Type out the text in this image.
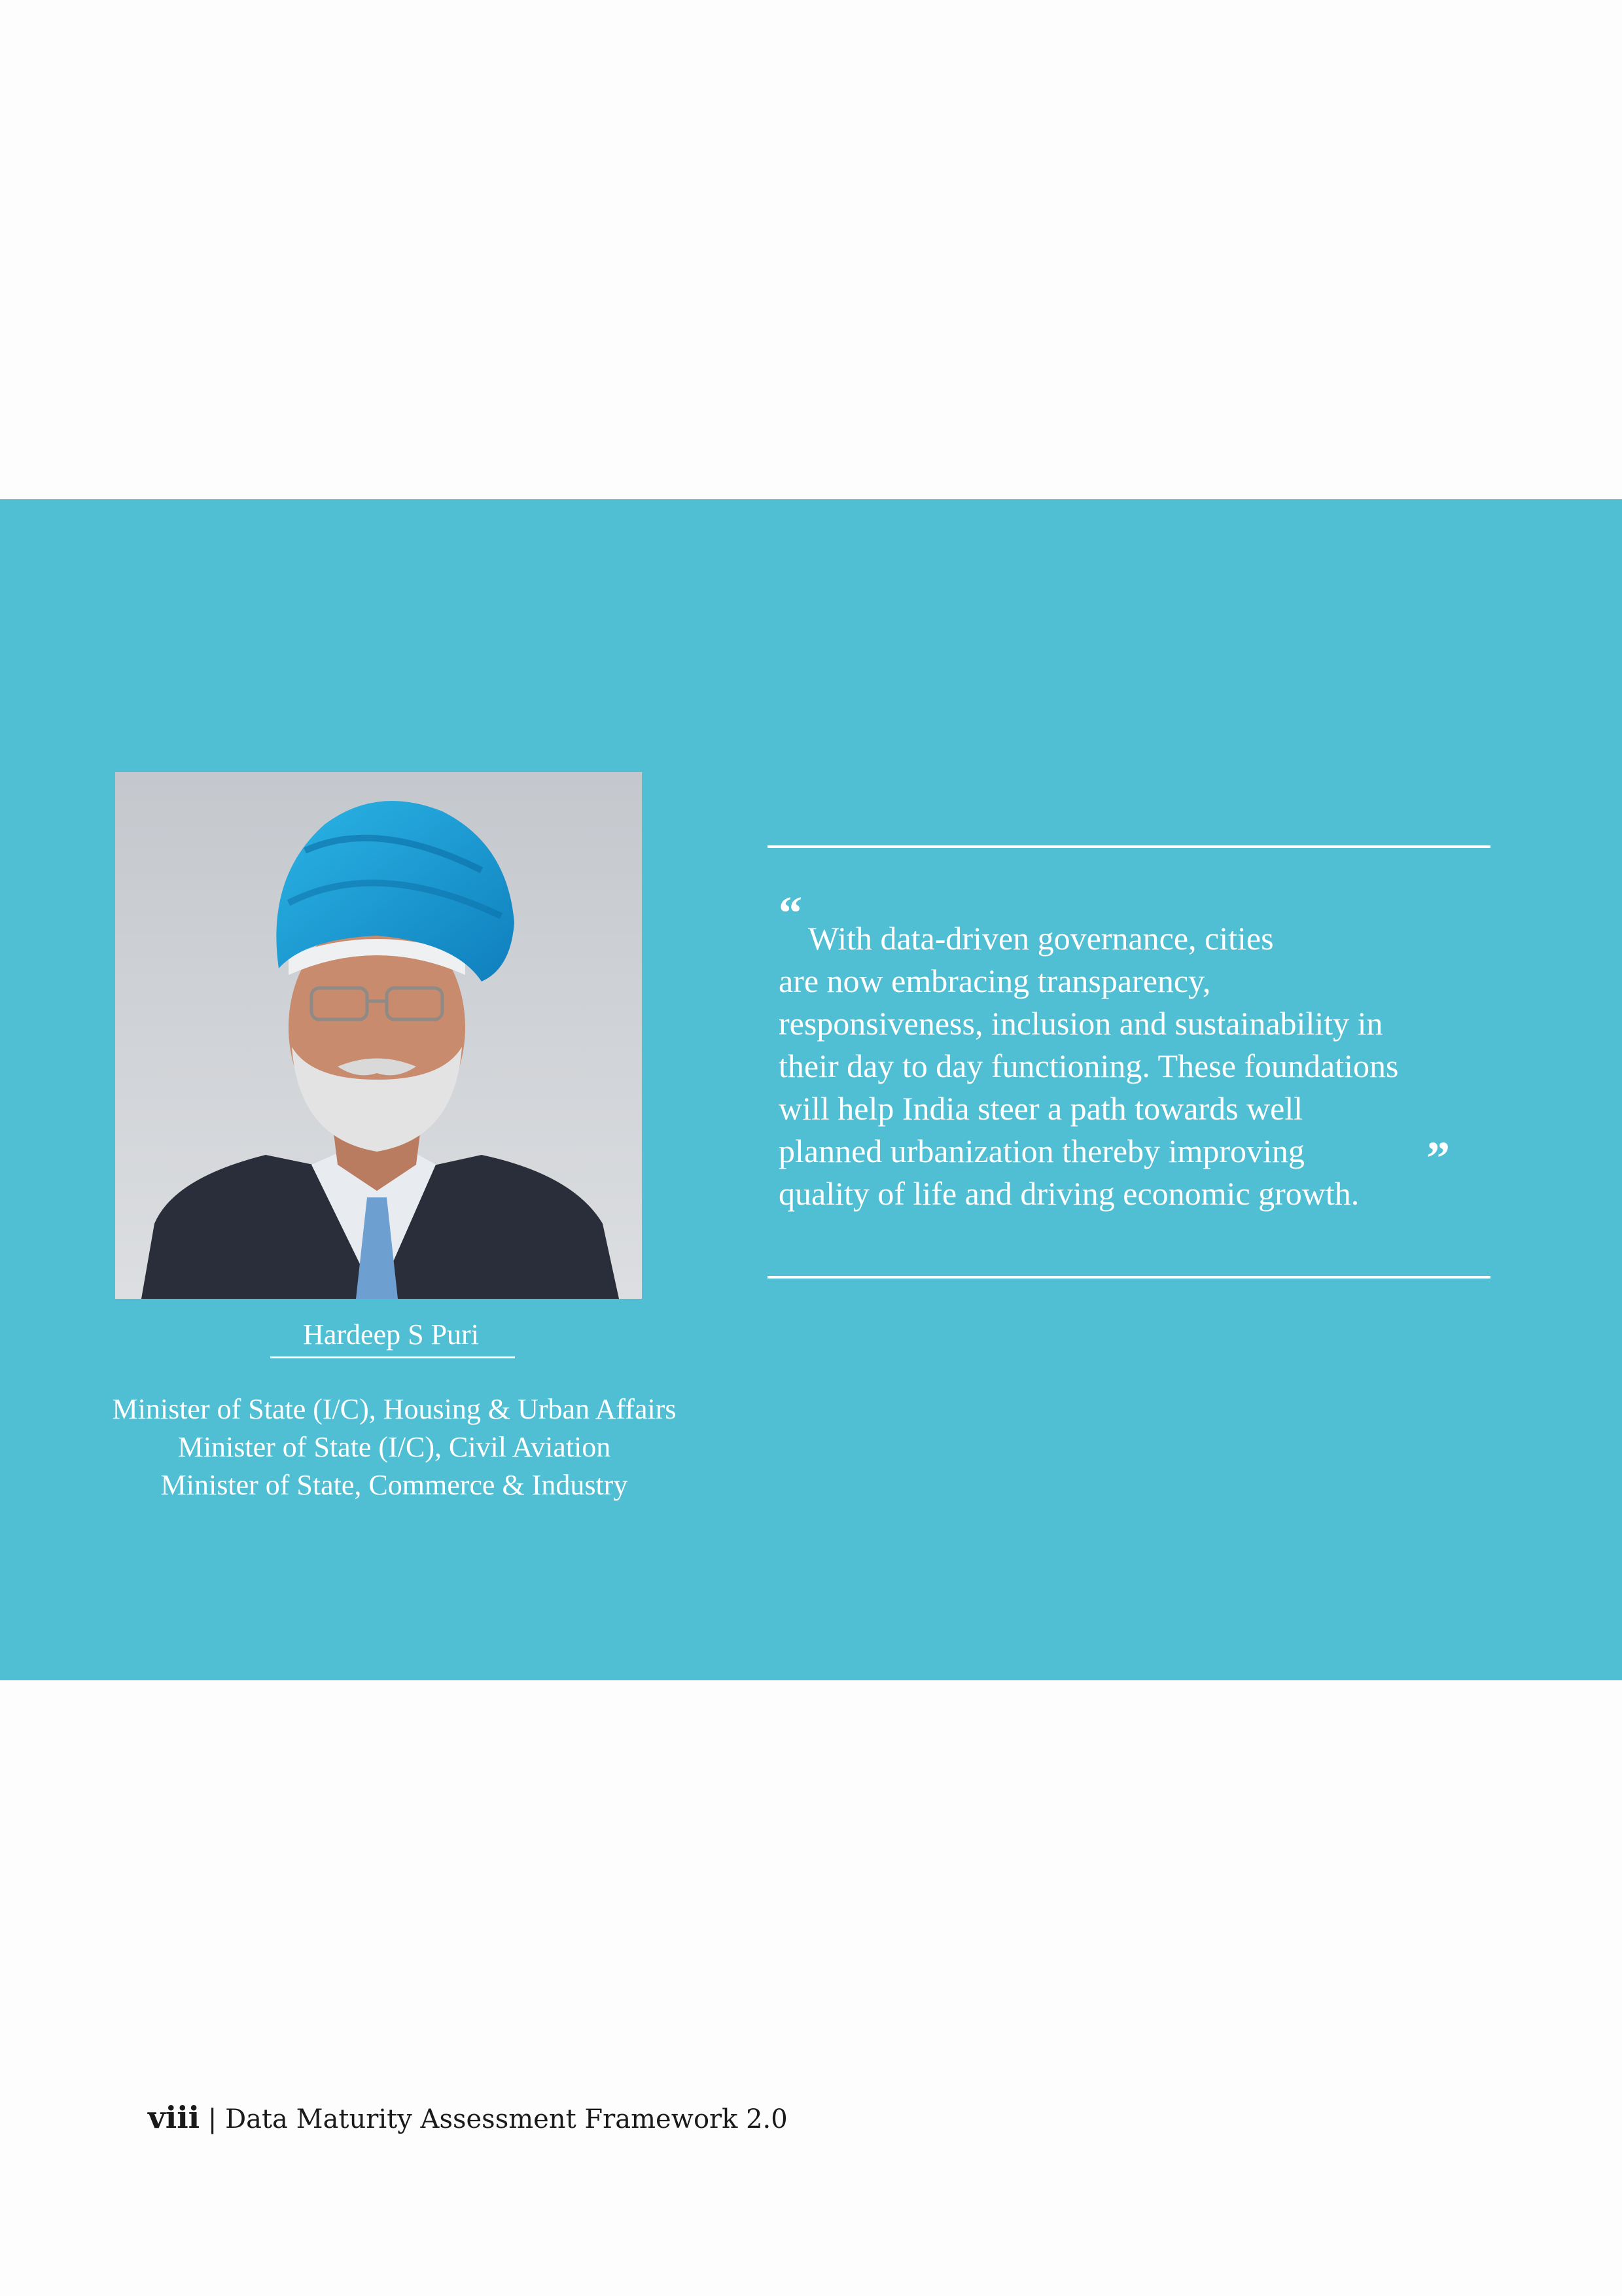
Hardeep S Puri
Minister of State (I/C), Housing & Urban Affairs
Minister of State (I/C), Civil Aviation
Minister of State, Commerce & Industry
“ With data-driven governance, cities
are now embracing transparency,
responsiveness, inclusion and sustainability in
their day to day functioning. These foundations
will help India steer a path towards well
planned urbanization thereby improving
quality of life and driving economic growth.
”
viii | Data Maturity Assessment Framework 2.0
